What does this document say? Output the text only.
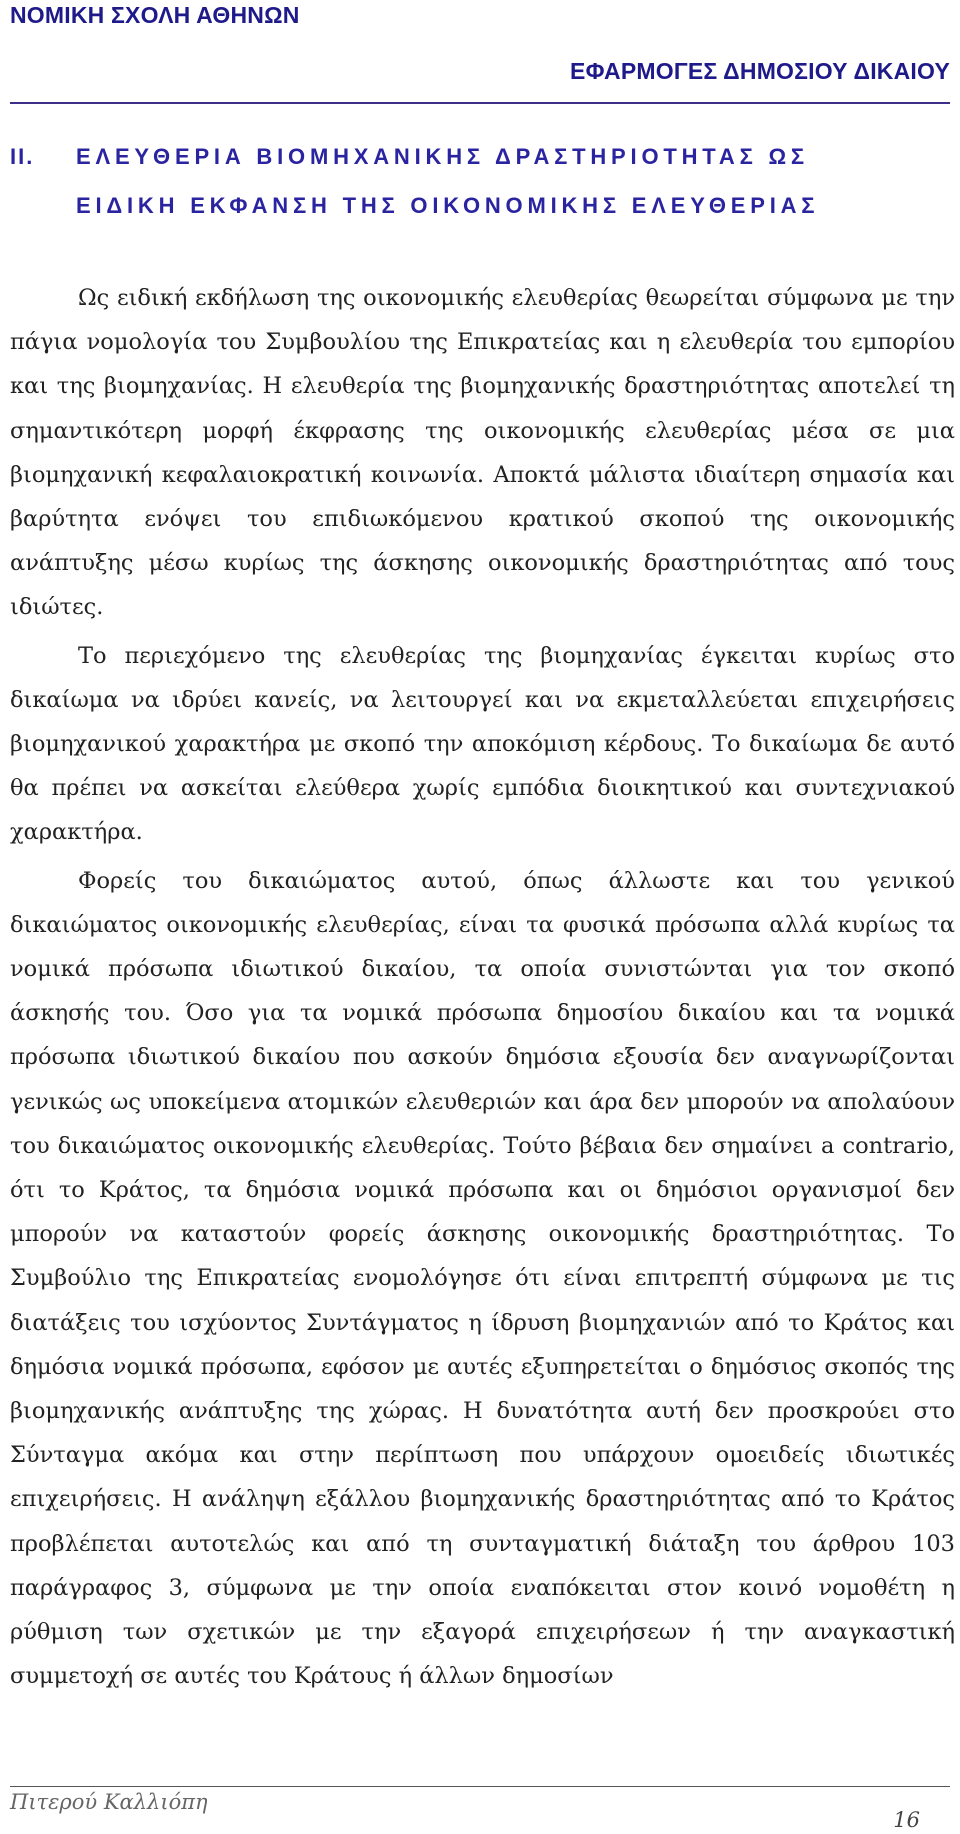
ΝΟΜΙΚΗ ΣΧΟΛΗ ΑΘΗΝΩΝ
ΕΦΑΡΜΟΓΕΣ ΔΗΜΟΣΙΟΥ ΔΙΚΑΙΟΥ
ΙΙ. ΕΛΕΥΘΕΡΙΑ ΒΙΟΜΗΧΑΝΙΚΗΣ ΔΡΑΣΤΗΡΙΟΤΗΤΑΣ ΩΣ
ΕΙΔΙΚΗ ΕΚΦΑΝΣΗ ΤΗΣ ΟΙΚΟΝΟΜΙΚΗΣ ΕΛΕΥΘΕΡΙΑΣ

Ως ειδική εκδήλωση της οικονομικής ελευθερίας θεωρείται σύμφωνα με την πάγια νομολογία του Συμβουλίου της Επικρατείας και η ελευθερία του εμπορίου και της βιομηχανίας. Η ελευθερία της βιομηχανικής δραστηριότητας αποτελεί τη σημαντικότερη μορφή έκφρασης της οικονομικής ελευθερίας μέσα σε μια βιομηχανική κεφαλαιοκρατική κοινωνία. Αποκτά μάλιστα ιδιαίτερη σημασία και βαρύτητα ενόψει του επιδιωκόμενου κρατικού σκοπού της οικονομικής ανάπτυξης μέσω κυρίως της άσκησης οικονομικής δραστηριότητας από τους ιδιώτες.

Το περιεχόμενο της ελευθερίας της βιομηχανίας έγκειται κυρίως στο δικαίωμα να ιδρύει κανείς, να λειτουργεί και να εκμεταλλεύεται επιχειρήσεις βιομηχανικού χαρακτήρα με σκοπό την αποκόμιση κέρδους. Το δικαίωμα δε αυτό θα πρέπει να ασκείται ελεύθερα χωρίς εμπόδια διοικητικού και συντεχνιακού χαρακτήρα.

Φορείς του δικαιώματος αυτού, όπως άλλωστε και του γενικού δικαιώματος οικονομικής ελευθερίας, είναι τα φυσικά πρόσωπα αλλά κυρίως τα νομικά πρόσωπα ιδιωτικού δικαίου, τα οποία συνιστώνται για τον σκοπό άσκησής του. Όσο για τα νομικά πρόσωπα δημοσίου δικαίου και τα νομικά πρόσωπα ιδιωτικού δικαίου που ασκούν δημόσια εξουσία δεν αναγνωρίζονται γενικώς ως υποκείμενα ατομικών ελευθεριών και άρα δεν μπορούν να απολαύουν του δικαιώματος οικονομικής ελευθερίας. Τούτο βέβαια δεν σημαίνει a contrario, ότι το Κράτος, τα δημόσια νομικά πρόσωπα και οι δημόσιοι οργανισμοί δεν μπορούν να καταστούν φορείς άσκησης οικονομικής δραστηριότητας. Το Συμβούλιο της Επικρατείας ενομολόγησε ότι είναι επιτρεπτή σύμφωνα με τις διατάξεις του ισχύοντος Συντάγματος η ίδρυση βιομηχανιών από το Κράτος και δημόσια νομικά πρόσωπα, εφόσον με αυτές εξυπηρετείται ο δημόσιος σκοπός της βιομηχανικής ανάπτυξης της χώρας. Η δυνατότητα αυτή δεν προσκρούει στο Σύνταγμα ακόμα και στην περίπτωση που υπάρχουν ομοειδείς ιδιωτικές επιχειρήσεις. Η ανάληψη εξάλλου βιομηχανικής δραστηριότητας από το Κράτος προβλέπεται αυτοτελώς και από τη συνταγματική διάταξη του άρθρου 103 παράγραφος 3, σύμφωνα με την οποία εναπόκειται στον κοινό νομοθέτη η ρύθμιση των σχετικών με την εξαγορά επιχειρήσεων ή την αναγκαστική συμμετοχή σε αυτές του Κράτους ή άλλων δημοσίων

Πιτερού Καλλιόπη
16
